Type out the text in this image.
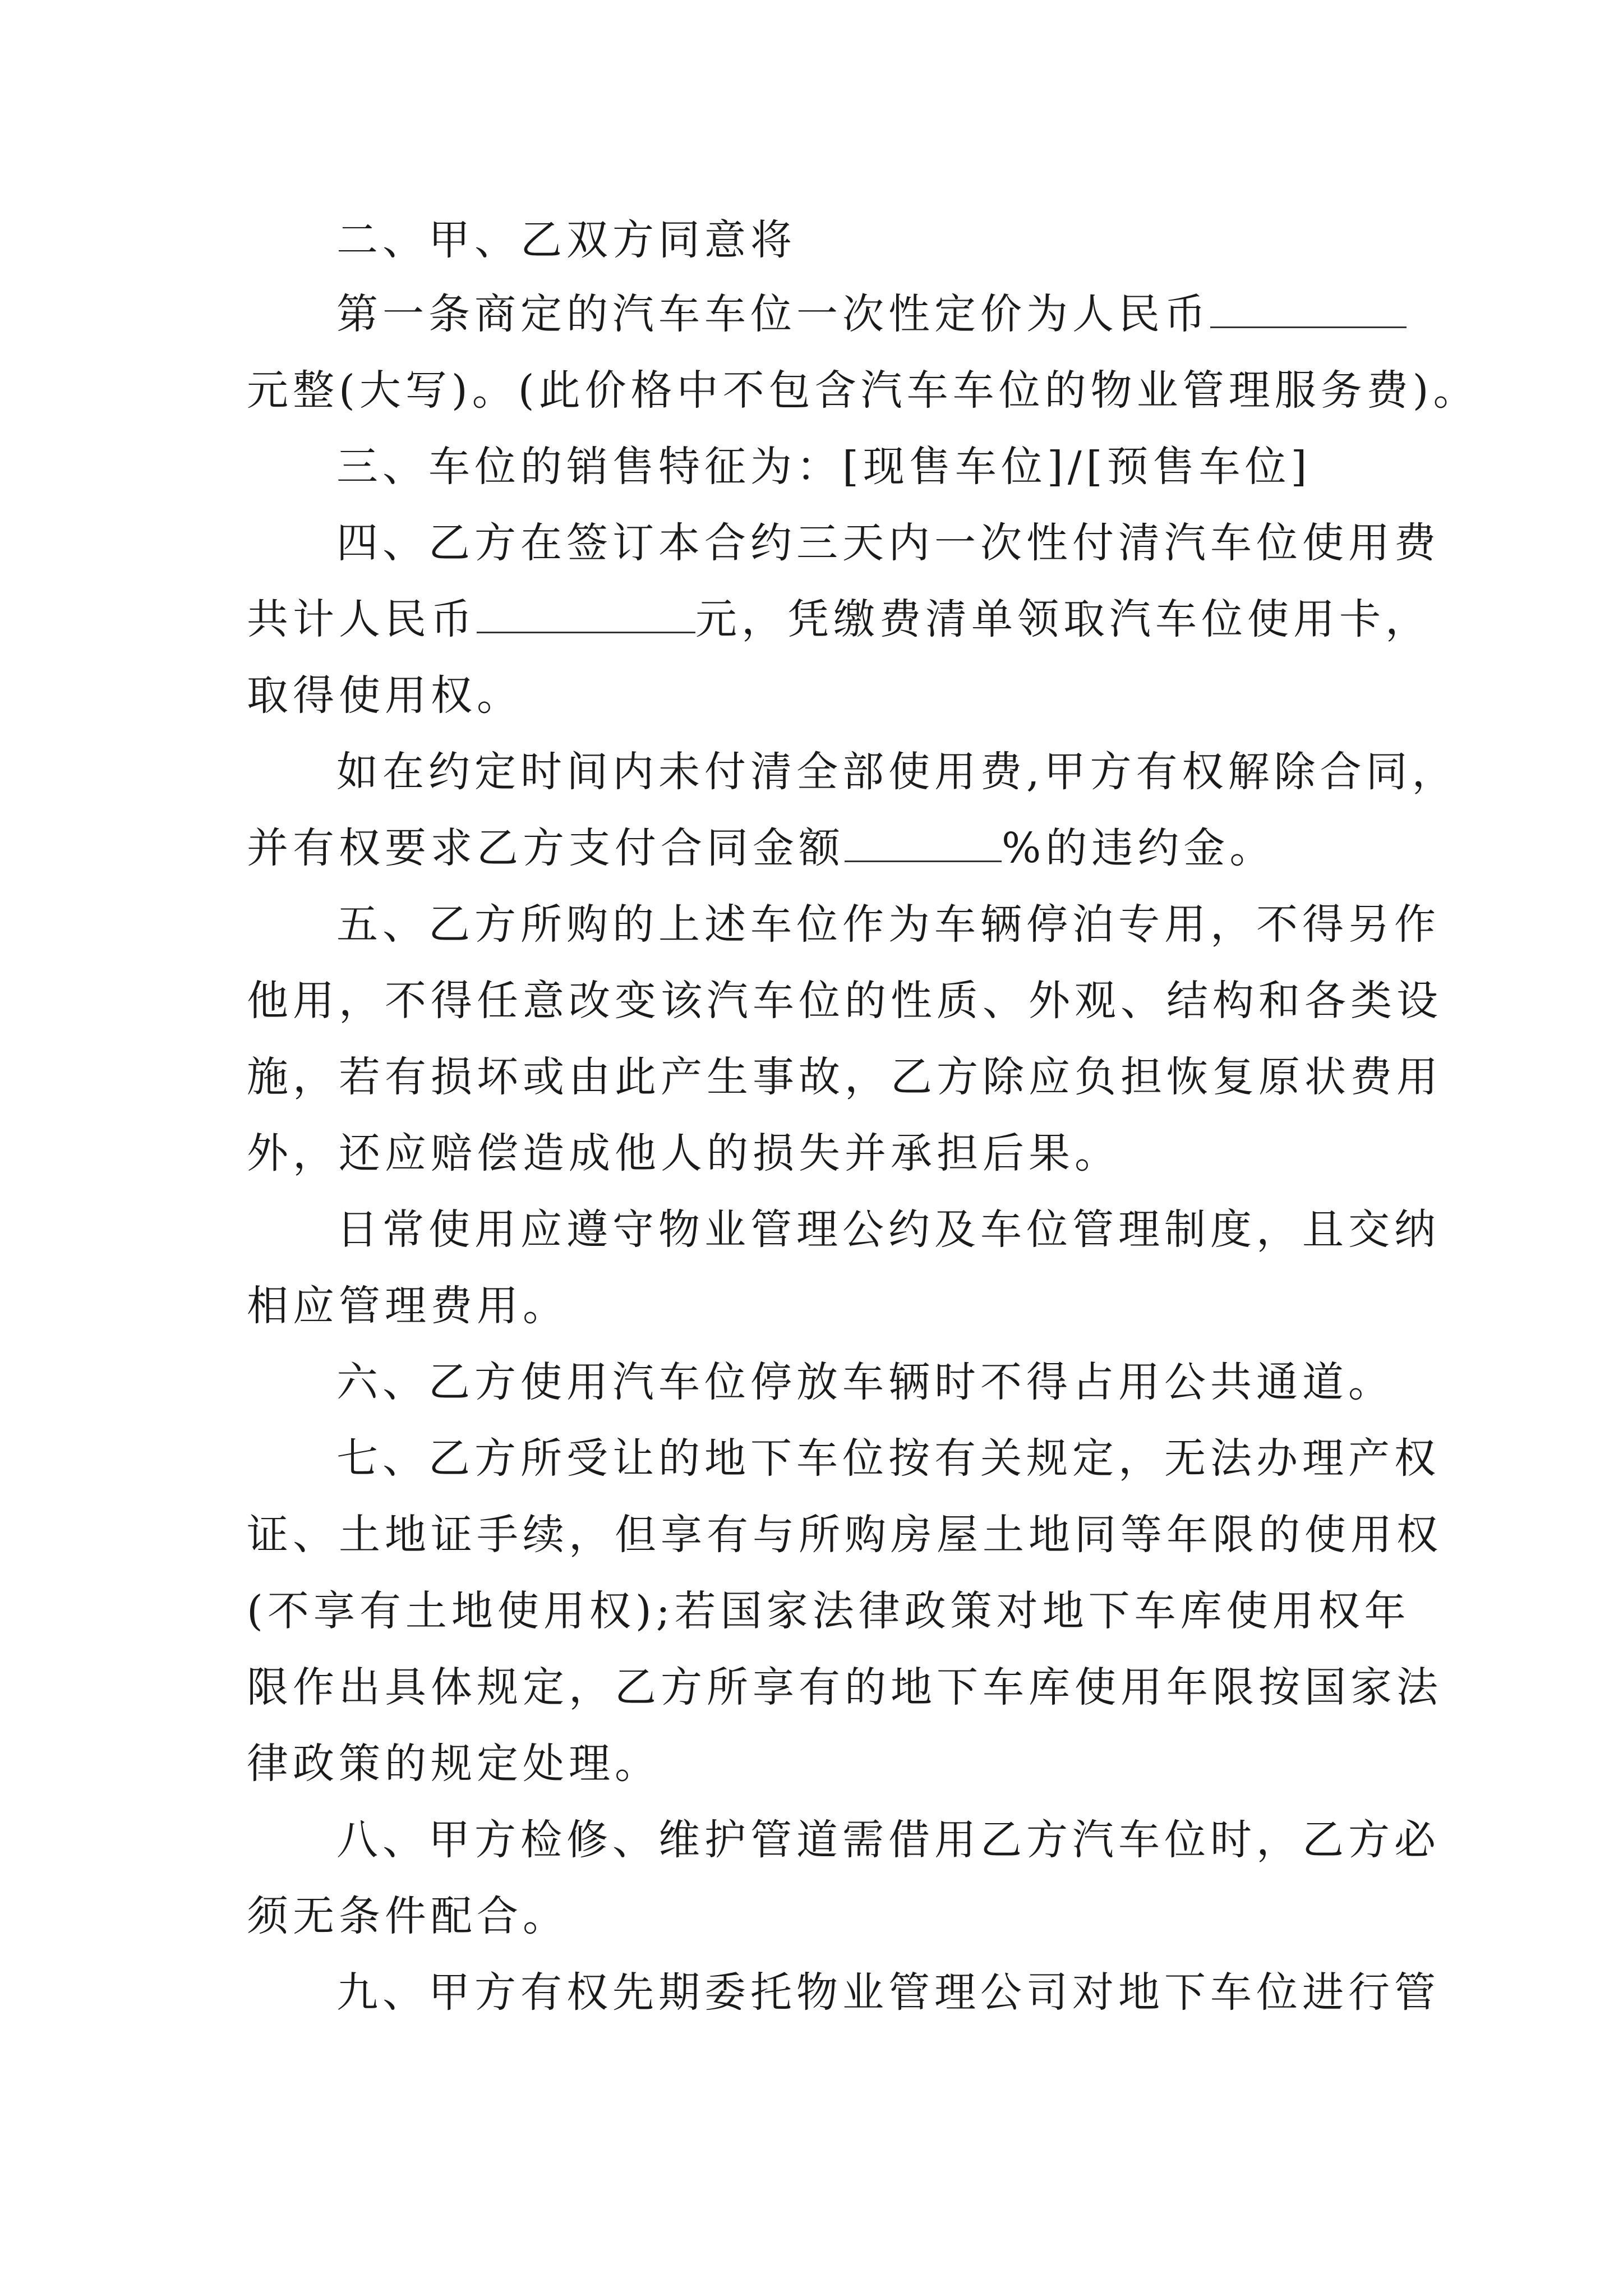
二、甲、乙双方同意将
第一条商定的汽车车位一次性定价为人民币
元整(大写)。(此价格中不包含汽车车位的物业管理服务费)。
三、车位的销售特征为：[现售车位]/[预售车位]
四、乙方在签订本合约三天内一次性付清汽车位使用费
共计人民币	元，凭缴费清单领取汽车位使用卡，
取得使用权。
如在约定时间内未付清全部使用费,甲方有权解除合同，
并有权要求乙方支付合同金额	%的违约金。
五、乙方所购的上述车位作为车辆停泊专用，不得另作
他用，不得任意改变该汽车位的性质、外观、结构和各类设
施，若有损坏或由此产生事故，乙方除应负担恢复原状费用
外，还应赔偿造成他人的损失并承担后果。
日常使用应遵守物业管理公约及车位管理制度，且交纳
相应管理费用。
六、乙方使用汽车位停放车辆时不得占用公共通道。
七、乙方所受让的地下车位按有关规定，无法办理产权
证、土地证手续，但享有与所购房屋土地同等年限的使用权
(不享有土地使用权);若国家法律政策对地下车库使用权年
限作出具体规定，乙方所享有的地下车库使用年限按国家法
律政策的规定处理。
八、甲方检修、维护管道需借用乙方汽车位时，乙方必
须无条件配合。
九、甲方有权先期委托物业管理公司对地下车位进行管
